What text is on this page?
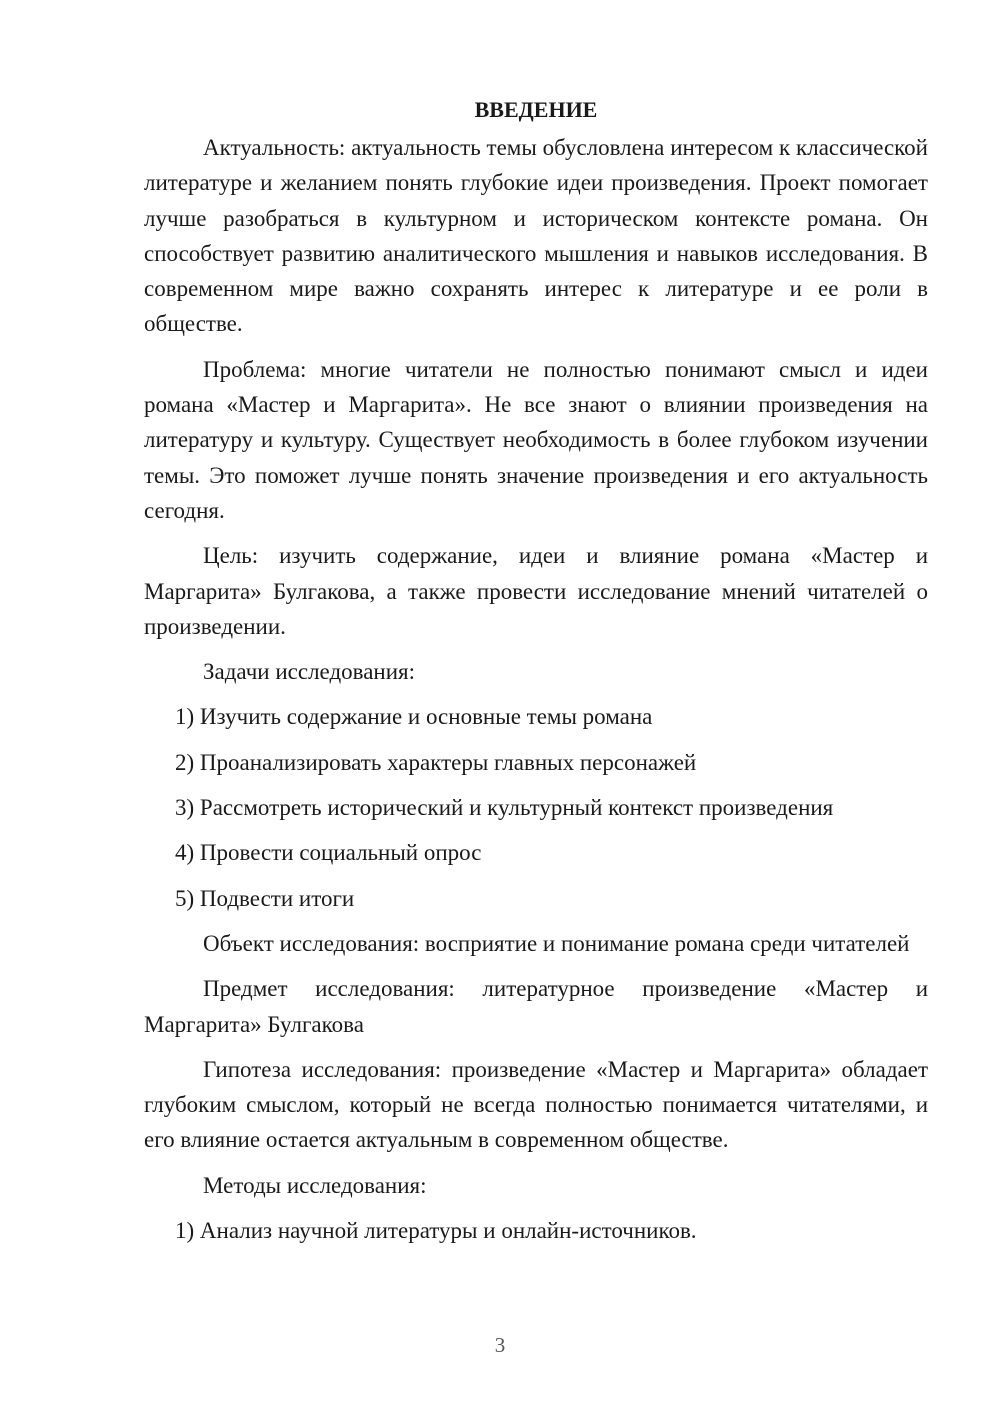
ВВЕДЕНИЕ

Актуальность: актуальность темы обусловлена интересом к классической литературе и желанием понять глубокие идеи произведения. Проект помогает лучше разобраться в культурном и историческом контексте романа. Он способствует развитию аналитического мышления и навыков исследования. В современном мире важно сохранять интерес к литературе и ее роли в обществе.

Проблема: многие читатели не полностью понимают смысл и идеи романа «Мастер и Маргарита». Не все знают о влиянии произведения на литературу и культуру. Существует необходимость в более глубоком изучении темы. Это поможет лучше понять значение произведения и его актуальность сегодня.

Цель: изучить содержание, идеи и влияние романа «Мастер и Маргарита» Булгакова, а также провести исследование мнений читателей о произведении.

Задачи исследования:

1) Изучить содержание и основные темы романа
2) Проанализировать характеры главных персонажей
3) Рассмотреть исторический и культурный контекст произведения
4) Провести социальный опрос
5) Подвести итоги

Объект исследования: восприятие и понимание романа среди читателей

Предмет исследования: литературное произведение «Мастер и Маргарита» Булгакова

Гипотеза исследования: произведение «Мастер и Маргарита» обладает глубоким смыслом, который не всегда полностью понимается читателями, и его влияние остается актуальным в современном обществе.

Методы исследования:

1) Анализ научной литературы и онлайн-источников.
3
